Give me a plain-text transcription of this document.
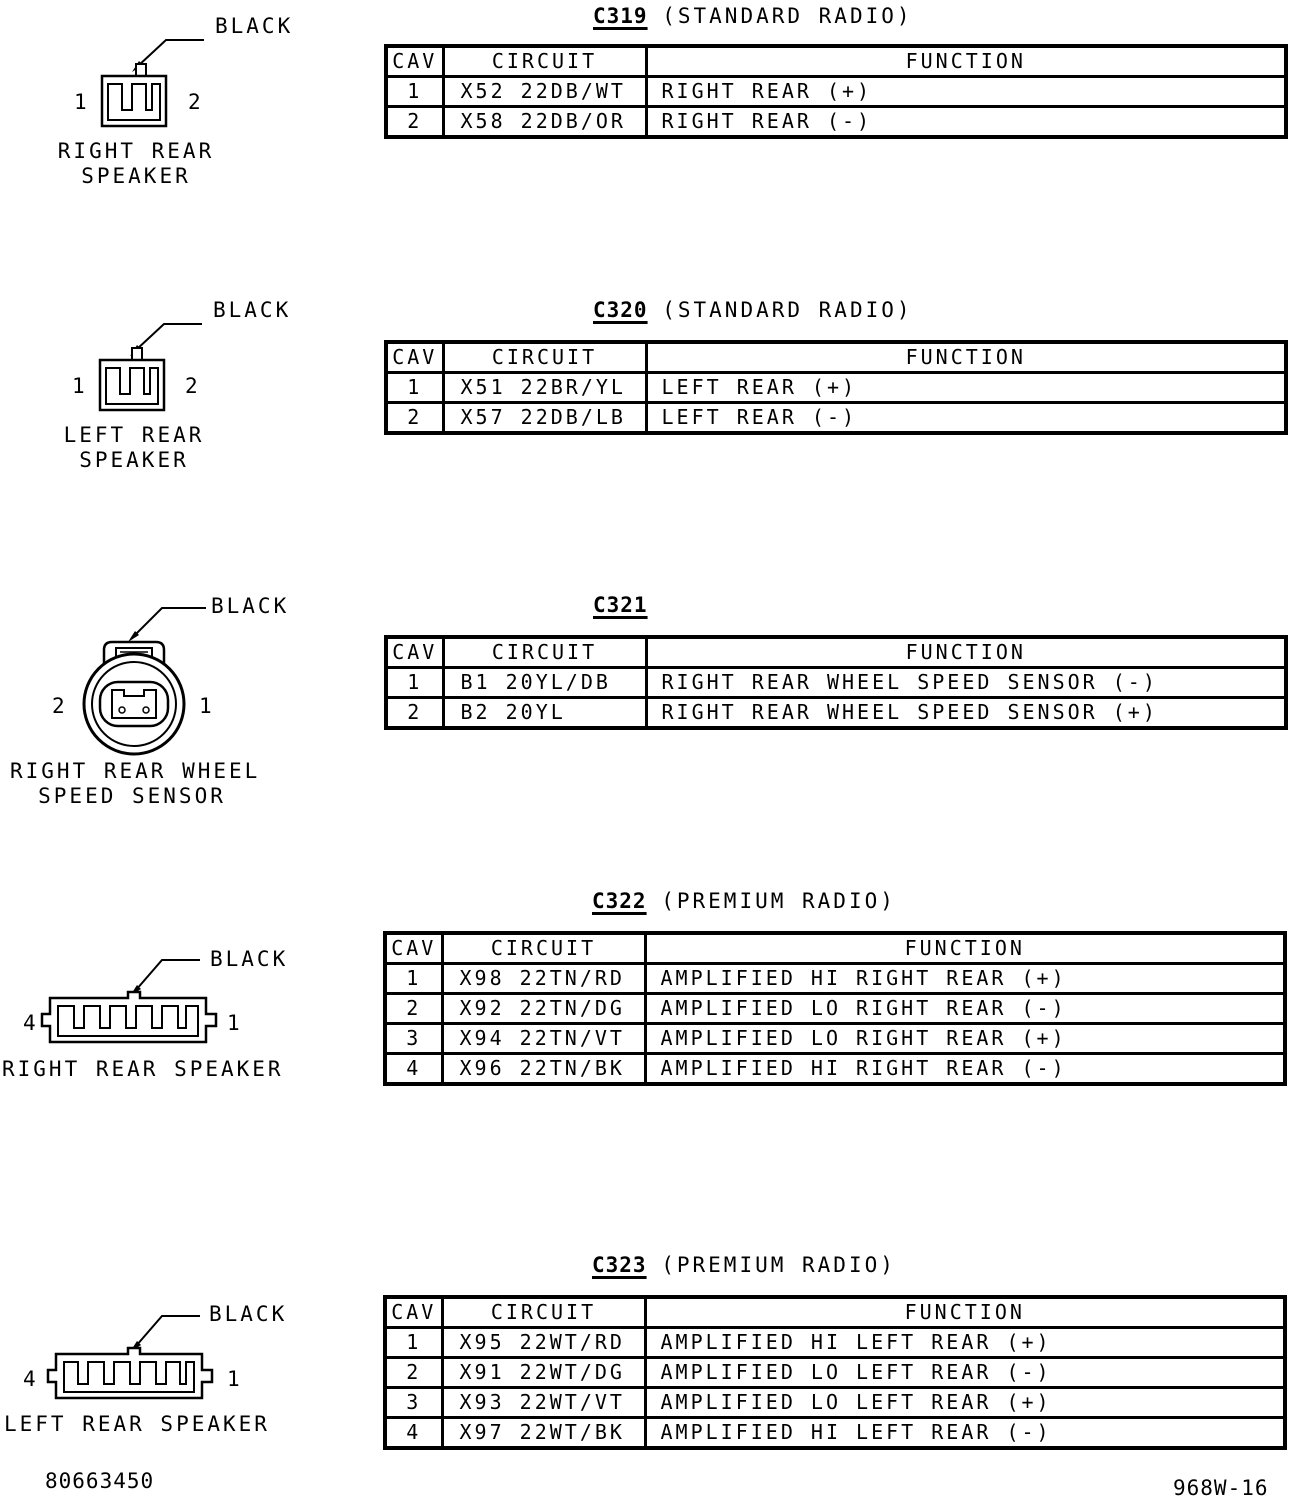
BLACK
1	2
RIGHT REAR
SPEAKER
C319 (STANDARD RADIO)
CAV	CIRCUIT	FUNCTION
1	X52 22DB/WT	RIGHT REAR (+)
2	X58 22DB/OR	RIGHT REAR (-)
BLACK
1	2
LEFT REAR
SPEAKER
C320 (STANDARD RADIO)
CAV	CIRCUIT	FUNCTION
1	X51 22BR/YL	LEFT REAR (+)
2	X57 22DB/LB	LEFT REAR (-)
BLACK
2	1
RIGHT REAR WHEEL
SPEED SENSOR
C321
CAV	CIRCUIT	FUNCTION
1	B1 20YL/DB	RIGHT REAR WHEEL SPEED SENSOR (-)
2	B2 20YL	RIGHT REAR WHEEL SPEED SENSOR (+)
BLACK
4	1
RIGHT REAR SPEAKER
C322 (PREMIUM RADIO)
CAV	CIRCUIT	FUNCTION
1	X98 22TN/RD	AMPLIFIED HI RIGHT REAR (+)
2	X92 22TN/DG	AMPLIFIED LO RIGHT REAR (-)
3	X94 22TN/VT	AMPLIFIED LO RIGHT REAR (+)
4	X96 22TN/BK	AMPLIFIED HI RIGHT REAR (-)
BLACK
4	1
LEFT REAR SPEAKER
C323 (PREMIUM RADIO)
CAV	CIRCUIT	FUNCTION
1	X95 22WT/RD	AMPLIFIED HI LEFT REAR (+)
2	X91 22WT/DG	AMPLIFIED LO LEFT REAR (-)
3	X93 22WT/VT	AMPLIFIED LO LEFT REAR (+)
4	X97 22WT/BK	AMPLIFIED HI LEFT REAR (-)
80663450	968W-16
